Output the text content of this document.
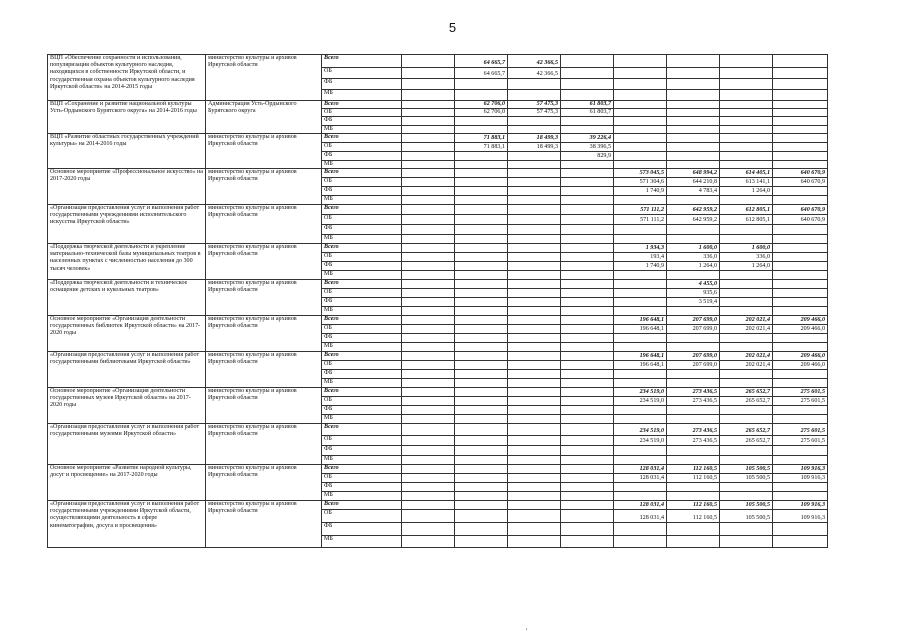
5
ВЦП «Обеспечение сохранности и использования, популяризация объектов культурного наследия, находящихся в собственности Иркутской области, и государственная охрана объектов культурного наследия Иркутской области» на 2014-2015 годы	министерство культуры и архивов Иркутской области	Всего		64 665,7	42 366,5					
		ОБ		64 665,7	42 366,5					
		ФБ								
		МБ								
ВЦП «Сохранение и развитие национальной культуры Усть-Ордынского Бурятского округа» на 2014-2016 годы	Администрация Усть-Ордынского Бурятского округа	Всего		62 706,0	57 475,3	61 803,7				
		ОБ		62 706,0	57 475,3	61 803,7				
		ФБ								
		МБ								
ВЦП «Развитие областных государственных учреждений культуры» на 2014-2016 годы	министерство культуры и архивов Иркутской области	Всего		71 883,1	18 499,3	39 226,4				
		ОБ		71 883,1	18 499,3	38 396,5				
		ФБ				829,9				
		МБ								
Основное мероприятие «Профессиональное искусство» на 2017-2020 годы	министерство культуры и архивов Иркутской области	Всего					573 045,5	648 994,2	614 405,1	640 670,9
		ОБ					571 304,6	644 210,8	613 141,1	640 670,9
		ФБ					1 740,9	4 783,4	1 264,0	
		МБ								
«Организация предоставления услуг и выполнения работ государственными учреждениями исполнительского искусства Иркутской области»	министерство культуры и архивов Иркутской области	Всего					571 111,2	642 959,2	612 805,1	640 670,9
		ОБ					571 111,2	642 959,2	612 805,1	640 670,9
		ФБ								
		МБ								
«Поддержка творческой деятельности и укрепление материально-технической базы муниципальных театров в населенных пунктах с численностью населения до 300 тысяч человек»	министерство культуры и архивов Иркутской области	Всего					1 934,3	1 600,0	1 600,0	
		ОБ					193,4	336,0	336,0	
		ФБ					1 740,9	1 264,0	1 264,0	
		МБ								
«Поддержка творческой деятельности и техническое оснащение детских и кукольных театров»	министерство культуры и архивов Иркутской области	Всего						4 455,0		
		ОБ						935,6		
		ФБ						3 519,4		
		МБ								
Основное мероприятие «Организация деятельности государственных библиотек Иркутской области» на 2017-2020 годы	министерство культуры и архивов Иркутской области	Всего					196 648,1	207 699,0	202 021,4	209 466,0
		ОБ					196 648,1	207 699,0	202 021,4	209 466,0
		ФБ								
		МБ								
«Организация предоставления услуг и выполнения работ государственными библиотеками Иркутской области»	министерство культуры и архивов Иркутской области	Всего					196 648,1	207 699,0	202 021,4	209 466,0
		ОБ					196 648,1	207 699,0	202 021,4	209 466,0
		ФБ								
		МБ								
Основное мероприятие «Организация деятельности государственных музеев Иркутской области» на 2017-2020 годы	министерство культуры и архивов Иркутской области	Всего					234 519,0	273 436,5	265 652,7	275 601,5
		ОБ					234 519,0	273 436,5	265 652,7	275 601,5
		ФБ								
		МБ								
«Организация предоставления услуг и выполнения работ государственными музеями Иркутской области»	министерство культуры и архивов Иркутской области	Всего					234 519,0	273 436,5	265 652,7	275 601,5
		ОБ					234 519,0	273 436,5	265 652,7	275 601,5
		ФБ								
		МБ								
Основное мероприятие «Развитие народной культуры, досуг и просвещение» на 2017-2020 годы	министерство культуры и архивов Иркутской области	Всего					128 031,4	112 160,5	105 500,5	109 916,3
		ОБ					128 031,4	112 160,5	105 500,5	109 916,3
		ФБ								
		МБ								
«Организация предоставления услуг и выполнения работ государственными учреждениями Иркутской области, осуществляющими деятельность в сфере кинематографии, досуга и просвещения»	министерство культуры и архивов Иркутской области	Всего					128 031,4	112 160,5	105 500,5	109 916,3
		ОБ					128 031,4	112 160,5	105 500,5	109 916,3
		ФБ								
		МБ								
,
